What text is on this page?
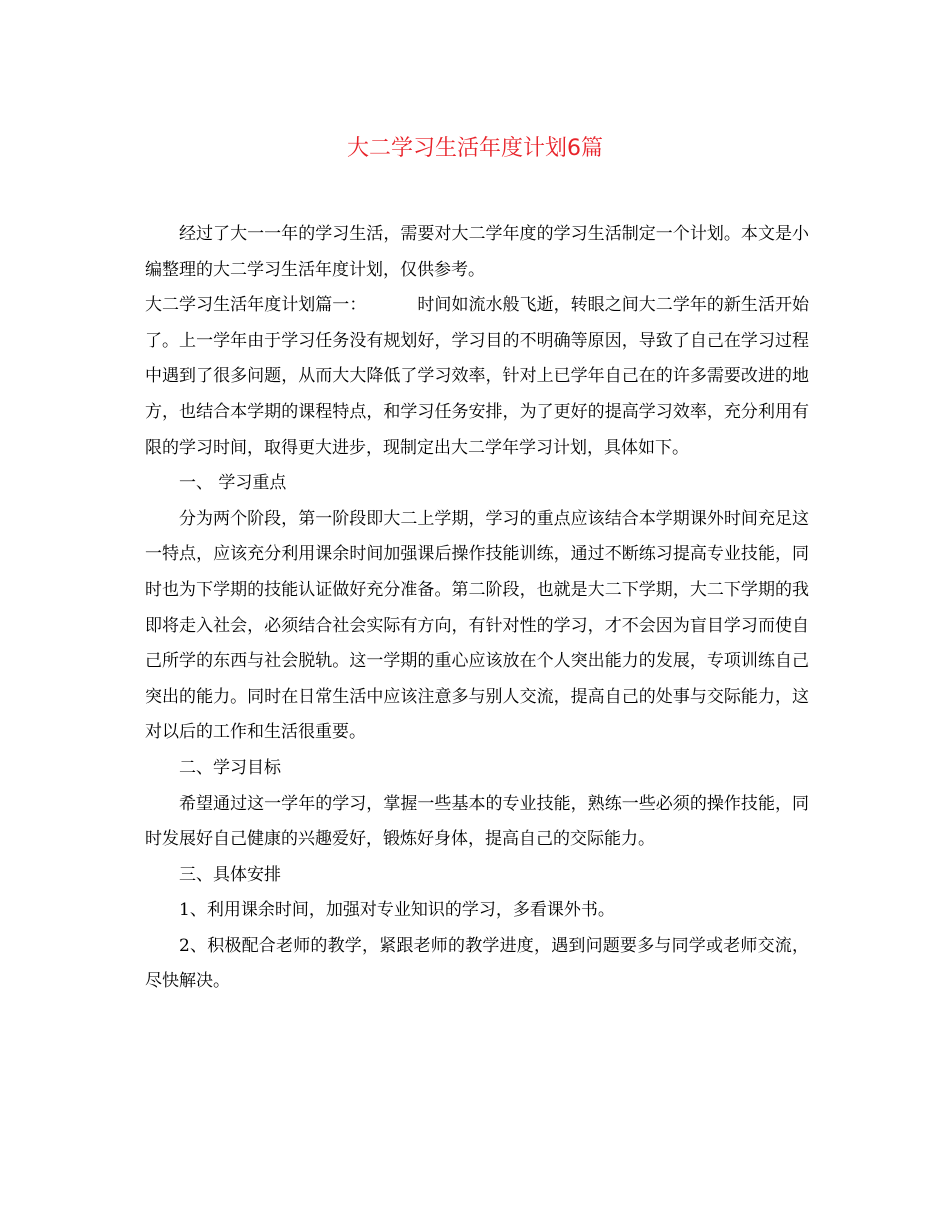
大二学习生活年度计划6篇

经过了大一一年的学习生活，需要对大二学年度的学习生活制定一个计划。本文是小编整理的大二学习生活年度计划，仅供参考。

大二学习生活年度计划篇一：	时间如流水般飞逝，转眼之间大二学年的新生活开始了。上一学年由于学习任务没有规划好，学习目的不明确等原因，导致了自己在学习过程中遇到了很多问题，从而大大降低了学习效率，针对上已学年自己在的许多需要改进的地方，也结合本学期的课程特点，和学习任务安排，为了更好的提高学习效率，充分利用有限的学习时间，取得更大进步，现制定出大二学年学习计划，具体如下。

一、 学习重点

分为两个阶段，第一阶段即大二上学期，学习的重点应该结合本学期课外时间充足这一特点，应该充分利用课余时间加强课后操作技能训练，通过不断练习提高专业技能，同时也为下学期的技能认证做好充分准备。第二阶段，也就是大二下学期，大二下学期的我即将走入社会，必须结合社会实际有方向，有针对性的学习，才不会因为盲目学习而使自己所学的东西与社会脱轨。这一学期的重心应该放在个人突出能力的发展，专项训练自己突出的能力。同时在日常生活中应该注意多与别人交流，提高自己的处事与交际能力，这对以后的工作和生活很重要。

二、学习目标

希望通过这一学年的学习，掌握一些基本的专业技能，熟练一些必须的操作技能，同时发展好自己健康的兴趣爱好，锻炼好身体，提高自己的交际能力。

三、具体安排

1、利用课余时间，加强对专业知识的学习，多看课外书。

2、积极配合老师的教学，紧跟老师的教学进度，遇到问题要多与同学或老师交流，尽快解决。
